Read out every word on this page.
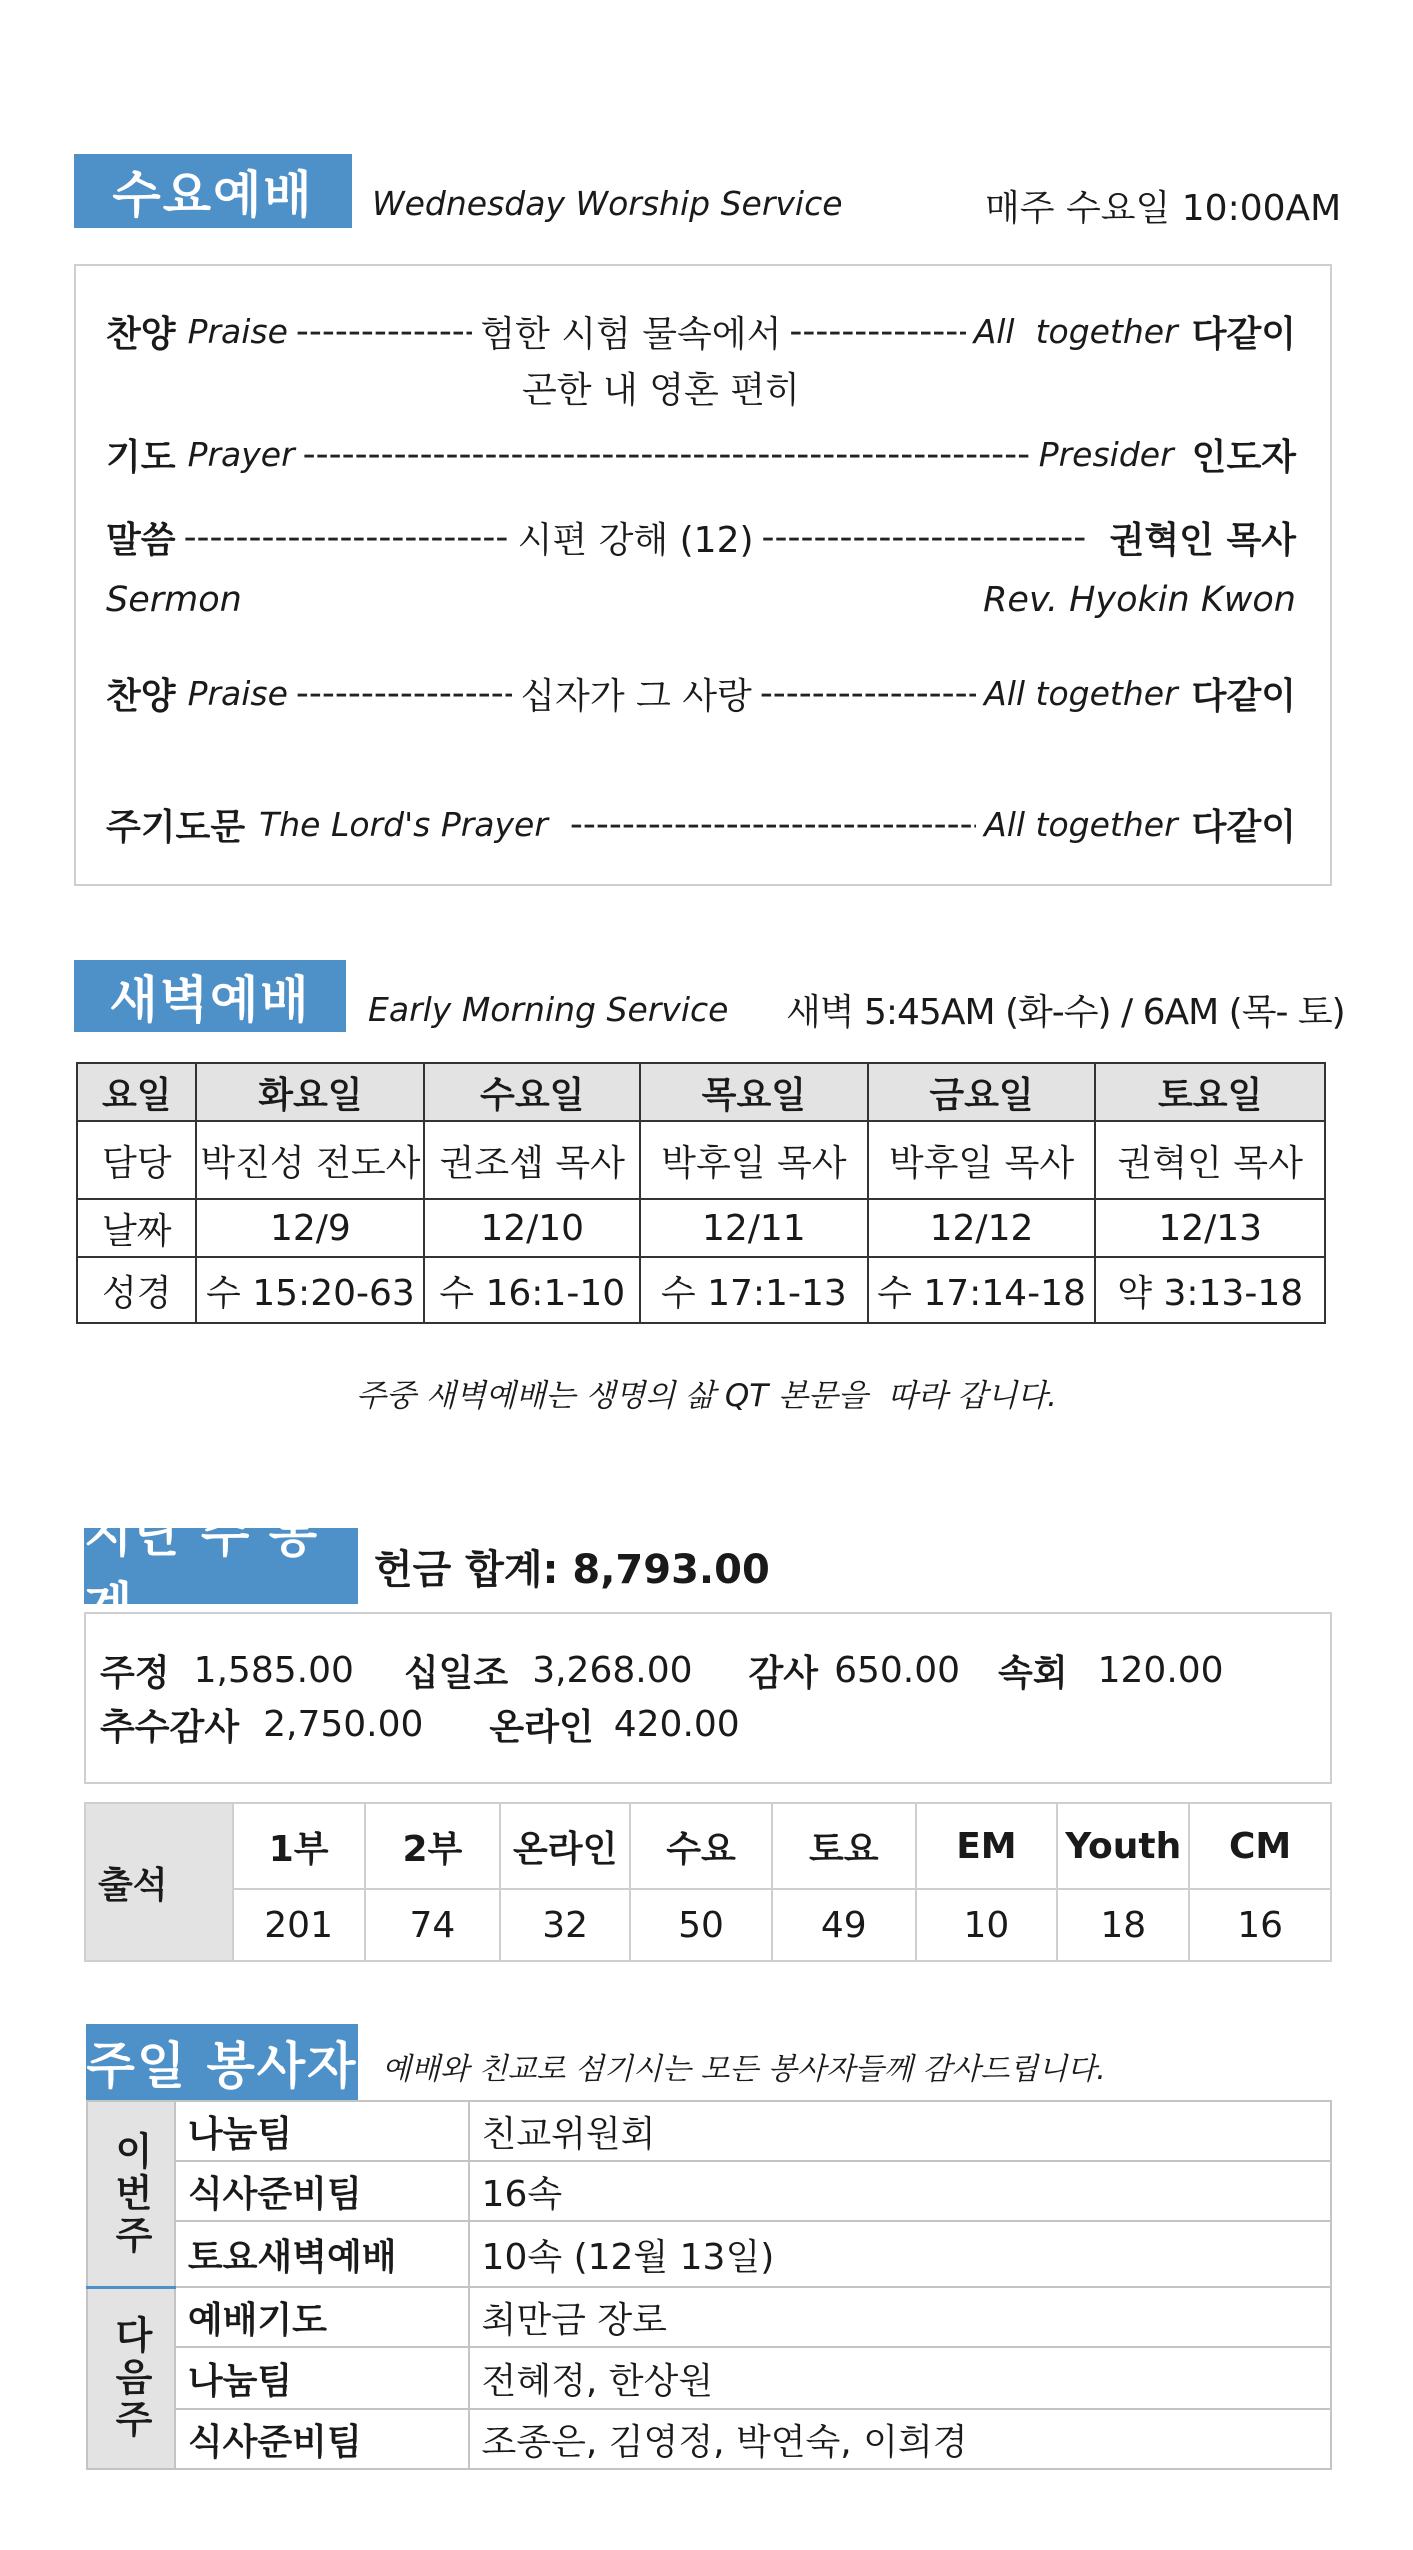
수요예배	Wednesday Worship Service	매주 수요일 10:00AM
찬양 Praise -----	험한 시험 물속에서 -----	All  together 다같이
곤한 내 영혼 편히
기도 Prayer -----	Presider 인도자
말씀 -----	시편 강해 (12) -----	권혁인 목사
Sermon	Rev. Hyokin Kwon
찬양 Praise -----	십자가 그 사랑 -----	All together 다같이
주기도문 The Lord's Prayer -----	All together 다같이
새벽예배	Early Morning Service 새벽 5:45AM (화-수) / 6AM (목- 토)
요일	화요일	수요일	목요일	금요일	토요일
담당	박진성 전도사	권조셉 목사	박후일 목사	박후일 목사	권혁인 목사
날짜	12/9	12/10	12/11	12/12	12/13
성경	수 15:20-63	수 16:1-10	수 17:1-13	수 17:14-18	약 3:13-18
주중 새벽예배는 생명의 삶 QT 본문을  따라 갑니다.
지난 주 통계
헌금 합계: 8,793.00
주정 1,585.00 십일조 3,268.00 감사 650.00 속회 120.00
추수감사 2,750.00 온라인 420.00
출석	1부	2부	온라인	수요	토요	EM	Youth	CM
	201	74	32	50	49	10	18	16
주일 봉사자 예배와 친교로 섬기시는 모든 봉사자들께 감사드립니다.
이번주	나눔팀	친교위원회
	식사준비팀	16속
	토요새벽예배	10속 (12월 13일)
다음주	예배기도	최만금 장로
	나눔팀	전혜정, 한상원
	식사준비팀	조종은, 김영정, 박연숙, 이희경
